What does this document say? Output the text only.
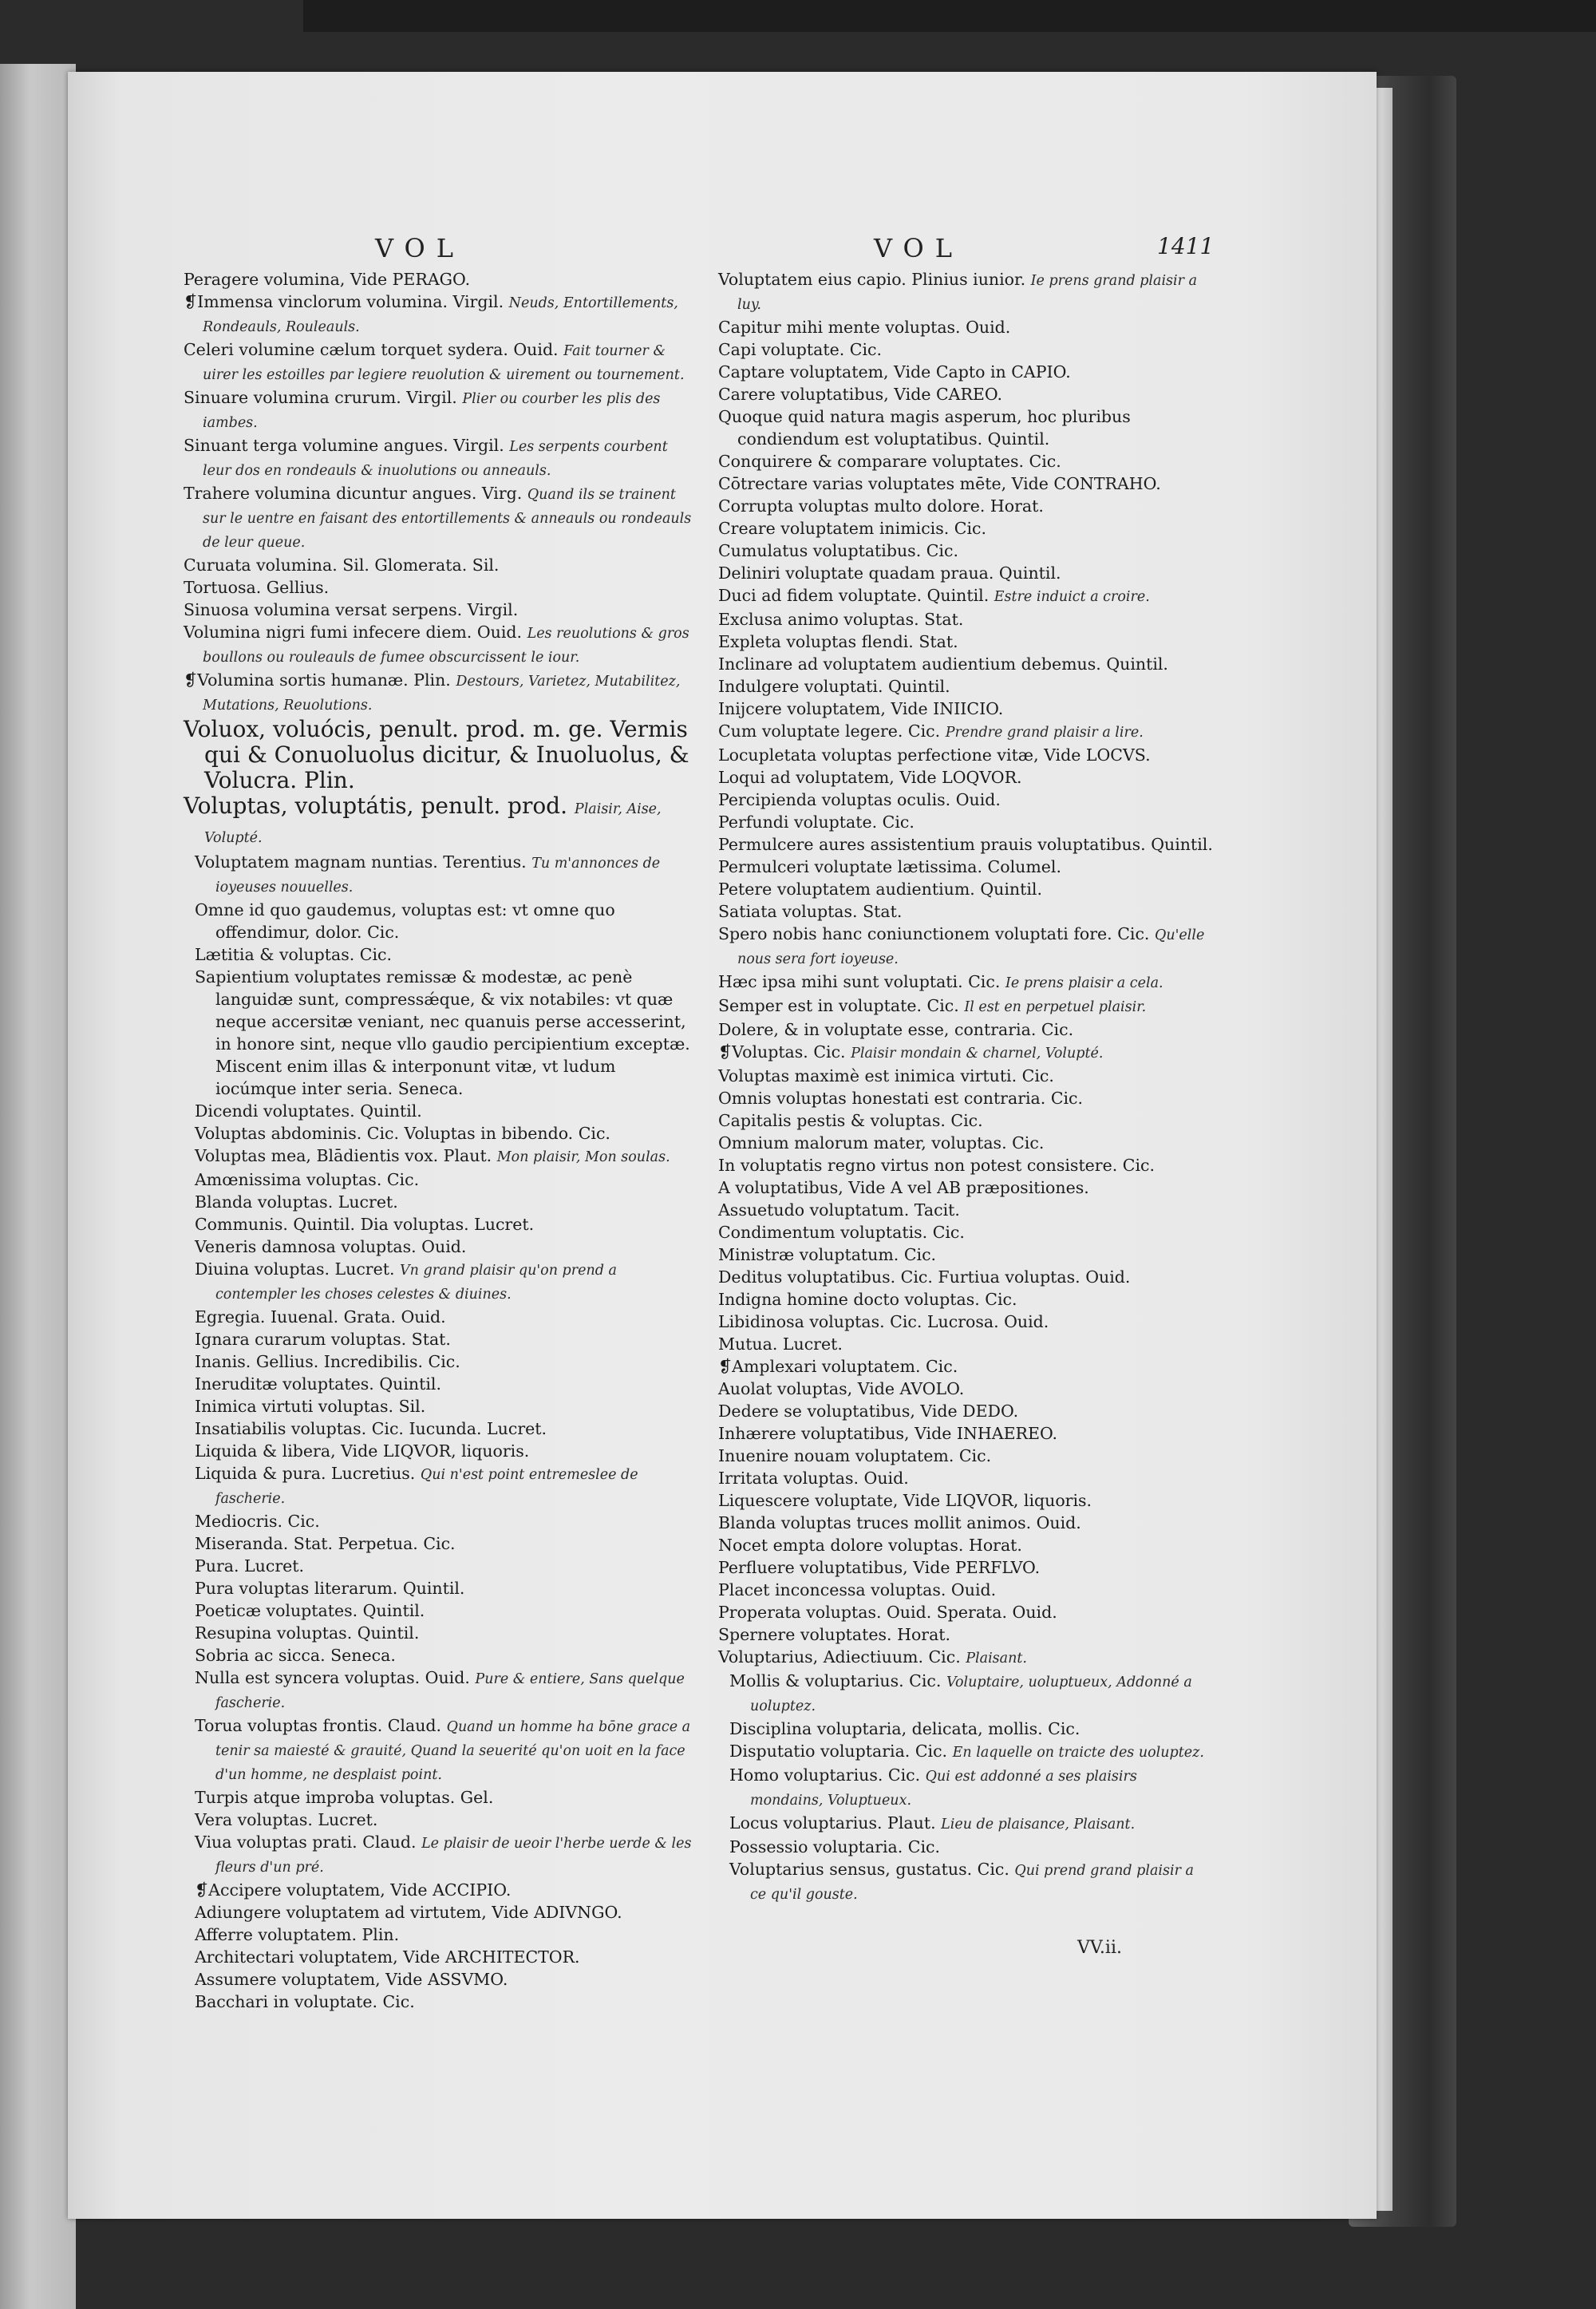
VOL	VOL	1411

Peragere volumina, Vide PERAGO.

❡Immensa vinclorum volumina. Virgil. Neuds, Entortillements, Rondeauls, Rouleauls.

Celeri volumine cælum torquet sydera. Ouid. Fait tourner & uirer les estoilles par legiere reuolution & uirement ou tournement.

Sinuare volumina crurum. Virgil. Plier ou courber les plis des iambes.

Sinuant terga volumine angues. Virgil. Les serpents courbent leur dos en rondeauls & inuolutions ou anneauls.

Trahere volumina dicuntur angues. Virg. Quand ils se trainent sur le uentre en faisant des entortillements & anneauls ou rondeauls de leur queue.

Curuata volumina. Sil. Glomerata. Sil.

Tortuosa. Gellius.

Sinuosa volumina versat serpens. Virgil.

Volumina nigri fumi infecere diem. Ouid. Les reuolutions & gros boullons ou rouleauls de fumee obscurcissent le iour.

❡Volumina sortis humanæ. Plin. Destours, Varietez, Mutabilitez, Mutations, Reuolutions.

Voluox, voluócis, penult. prod. m. ge. Vermis qui & Conuoluolus dicitur, & Inuoluolus, & Volucra. Plin.

Voluptas, voluptátis, penult. prod. Plaisir, Aise, Volupté.

Voluptatem magnam nuntias. Terentius. Tu m'annonces de ioyeuses nouuelles.

Omne id quo gaudemus, voluptas est: vt omne quo offendimur, dolor. Cic.

Lætitia & voluptas. Cic.

Sapientium voluptates remissæ & modestæ, ac penè languidæ sunt, compressǽque, & vix notabiles: vt quæ neque accersitæ veniant, nec quanuis perse accesserint, in honore sint, neque vllo gaudio percipientium exceptæ. Miscent enim illas & interponunt vitæ, vt ludum iocúmque inter seria. Seneca.

Dicendi voluptates. Quintil.

Voluptas abdominis. Cic. Voluptas in bibendo. Cic.

Voluptas mea, Blādientis vox. Plaut. Mon plaisir, Mon soulas.

Amœnissima voluptas. Cic.

Blanda voluptas. Lucret.

Communis. Quintil. Dia voluptas. Lucret.

Veneris damnosa voluptas. Ouid.

Diuina voluptas. Lucret. Vn grand plaisir qu'on prend a contempler les choses celestes & diuines.

Egregia. Iuuenal. Grata. Ouid.

Ignara curarum voluptas. Stat.

Inanis. Gellius. Incredibilis. Cic.

Ineruditæ voluptates. Quintil.

Inimica virtuti voluptas. Sil.

Insatiabilis voluptas. Cic. Iucunda. Lucret.

Liquida & libera, Vide LIQVOR, liquoris.

Liquida & pura. Lucretius. Qui n'est point entremeslee de fascherie.

Mediocris. Cic.

Miseranda. Stat. Perpetua. Cic.

Pura. Lucret.

Pura voluptas literarum. Quintil.

Poeticæ voluptates. Quintil.

Resupina voluptas. Quintil.

Sobria ac sicca. Seneca.

Nulla est syncera voluptas. Ouid. Pure & entiere, Sans quelque fascherie.

Torua voluptas frontis. Claud. Quand un homme ha bōne grace a tenir sa maiesté & grauité, Quand la seuerité qu'on uoit en la face d'un homme, ne desplaist point.

Turpis atque improba voluptas. Gel.

Vera voluptas. Lucret.

Viua voluptas prati. Claud. Le plaisir de ueoir l'herbe uerde & les fleurs d'un pré.

❡Accipere voluptatem, Vide ACCIPIO.

Adiungere voluptatem ad virtutem, Vide ADIVNGO.

Afferre voluptatem. Plin.

Architectari voluptatem, Vide ARCHITECTOR.

Assumere voluptatem, Vide ASSVMO.

Bacchari in voluptate. Cic.

Voluptatem eius capio. Plinius iunior. Ie prens grand plaisir a luy.

Capitur mihi mente voluptas. Ouid.

Capi voluptate. Cic.

Captare voluptatem, Vide Capto in CAPIO.

Carere voluptatibus, Vide CAREO.

Quoque quid natura magis asperum, hoc pluribus condiendum est voluptatibus. Quintil.

Conquirere & comparare voluptates. Cic.

Cōtrectare varias voluptates mēte, Vide CONTRAHO.

Corrupta voluptas multo dolore. Horat.

Creare voluptatem inimicis. Cic.

Cumulatus voluptatibus. Cic.

Deliniri voluptate quadam praua. Quintil.

Duci ad fidem voluptate. Quintil. Estre induict a croire.

Exclusa animo voluptas. Stat.

Expleta voluptas flendi. Stat.

Inclinare ad voluptatem audientium debemus. Quintil.

Indulgere voluptati. Quintil.

Inijcere voluptatem, Vide INIICIO.

Cum voluptate legere. Cic. Prendre grand plaisir a lire.

Locupletata voluptas perfectione vitæ, Vide LOCVS.

Loqui ad voluptatem, Vide LOQVOR.

Percipienda voluptas oculis. Ouid.

Perfundi voluptate. Cic.

Permulcere aures assistentium prauis voluptatibus. Quintil.

Permulceri voluptate lætissima. Columel.

Petere voluptatem audientium. Quintil.

Satiata voluptas. Stat.

Spero nobis hanc coniunctionem voluptati fore. Cic. Qu'elle nous sera fort ioyeuse.

Hæc ipsa mihi sunt voluptati. Cic. Ie prens plaisir a cela.

Semper est in voluptate. Cic. Il est en perpetuel plaisir.

Dolere, & in voluptate esse, contraria. Cic.

❡Voluptas. Cic. Plaisir mondain & charnel, Volupté.

Voluptas maximè est inimica virtuti. Cic.

Omnis voluptas honestati est contraria. Cic.

Capitalis pestis & voluptas. Cic.

Omnium malorum mater, voluptas. Cic.

In voluptatis regno virtus non potest consistere. Cic.

A voluptatibus, Vide A vel AB præpositiones.

Assuetudo voluptatum. Tacit.

Condimentum voluptatis. Cic.

Ministræ voluptatum. Cic.

Deditus voluptatibus. Cic. Furtiua voluptas. Ouid.

Indigna homine docto voluptas. Cic.

Libidinosa voluptas. Cic. Lucrosa. Ouid.

Mutua. Lucret.

❡Amplexari voluptatem. Cic.

Auolat voluptas, Vide AVOLO.

Dedere se voluptatibus, Vide DEDO.

Inhærere voluptatibus, Vide INHAEREO.

Inuenire nouam voluptatem. Cic.

Irritata voluptas. Ouid.

Liquescere voluptate, Vide LIQVOR, liquoris.

Blanda voluptas truces mollit animos. Ouid.

Nocet empta dolore voluptas. Horat.

Perfluere voluptatibus, Vide PERFLVO.

Placet inconcessa voluptas. Ouid.

Properata voluptas. Ouid. Sperata. Ouid.

Spernere voluptates. Horat.

Voluptarius, Adiectiuum. Cic. Plaisant.

Mollis & voluptarius. Cic. Voluptaire, uoluptueux, Addonné a uoluptez.

Disciplina voluptaria, delicata, mollis. Cic.

Disputatio voluptaria. Cic. En laquelle on traicte des uoluptez.

Homo voluptarius. Cic. Qui est addonné a ses plaisirs mondains, Voluptueux.

Locus voluptarius. Plaut. Lieu de plaisance, Plaisant.

Possessio voluptaria. Cic.

Voluptarius sensus, gustatus. Cic. Qui prend grand plaisir a ce qu'il gouste.

VV.ii.
